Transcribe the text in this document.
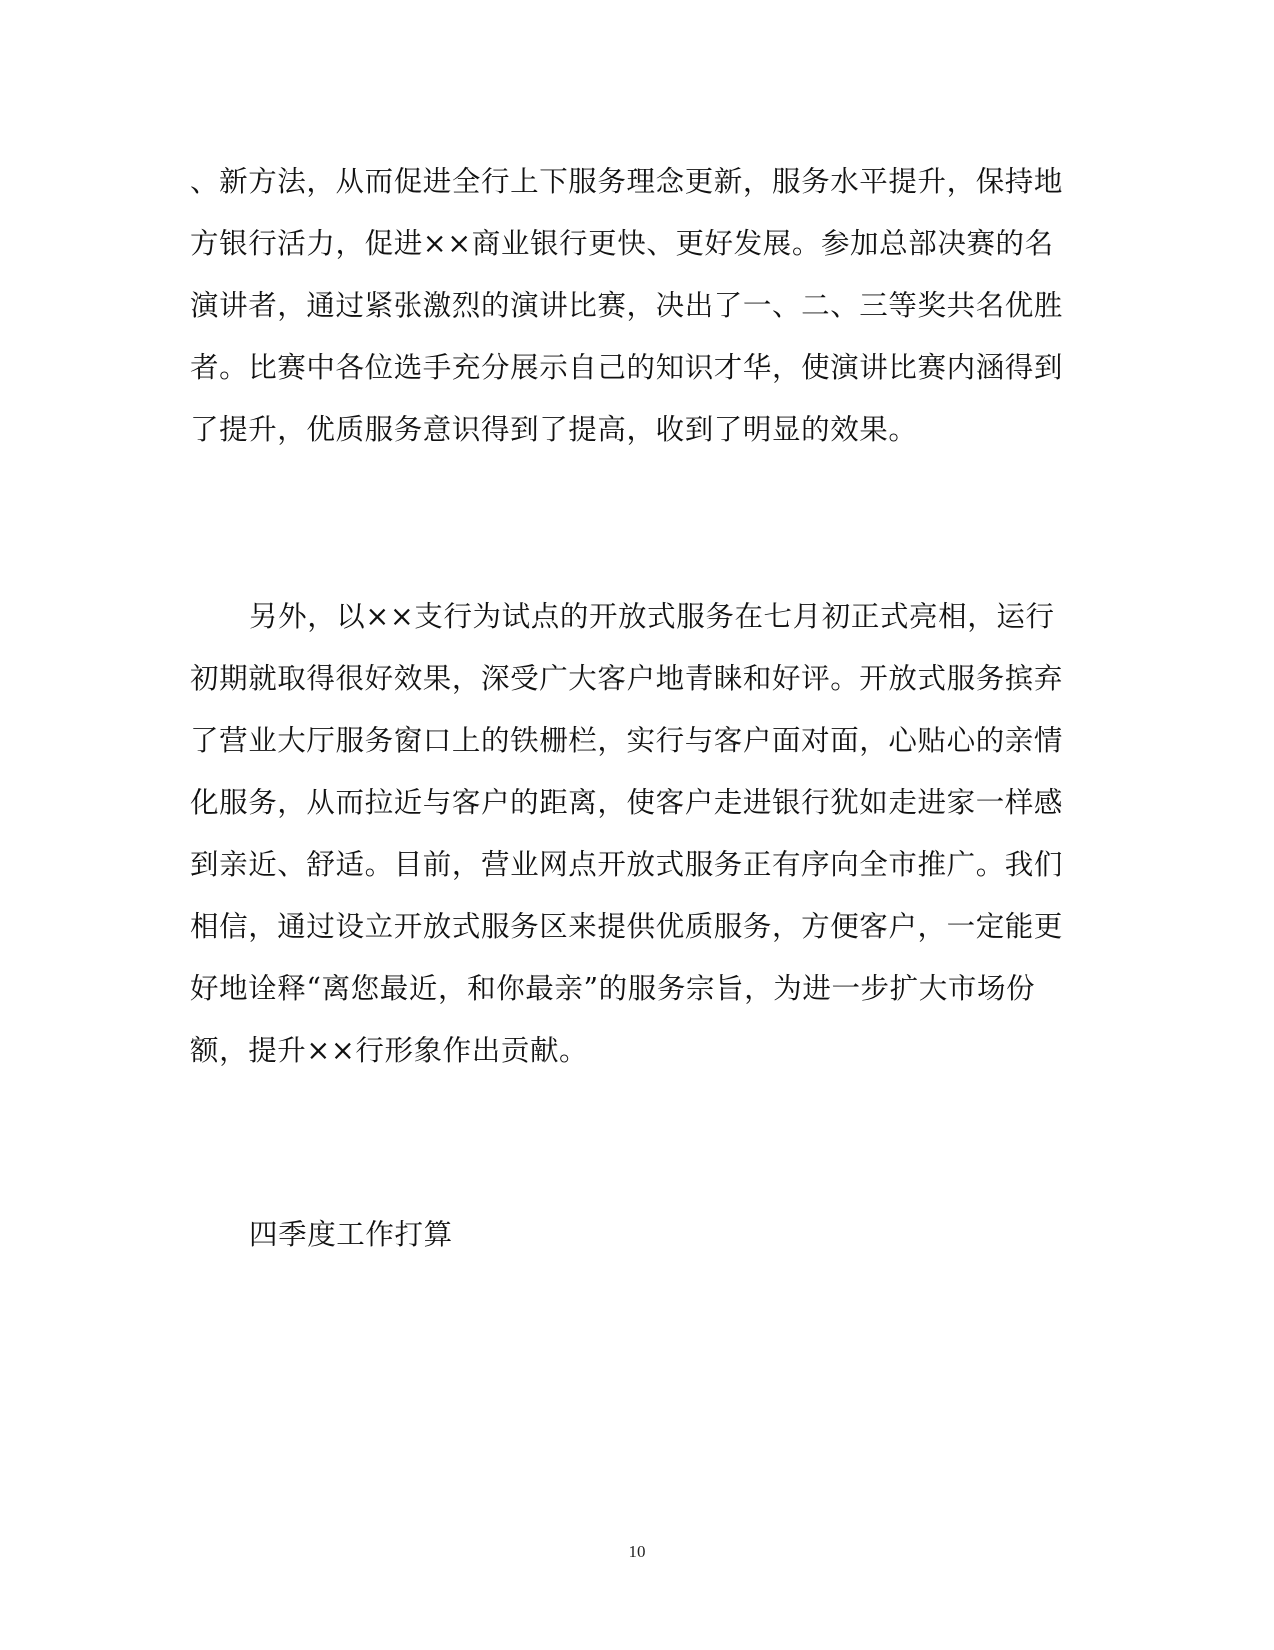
、新方法，从而促进全行上下服务理念更新，服务水平提升，保持地
方银行活力，促进××商业银行更快、更好发展。参加总部决赛的名
演讲者，通过紧张激烈的演讲比赛，决出了一、二、三等奖共名优胜
者。比赛中各位选手充分展示自己的知识才华，使演讲比赛内涵得到
了提升，优质服务意识得到了提高，收到了明显的效果。
另外，以××支行为试点的开放式服务在七月初正式亮相，运行
初期就取得很好效果，深受广大客户地青睐和好评。开放式服务摈弃
了营业大厅服务窗口上的铁栅栏，实行与客户面对面，心贴心的亲情
化服务，从而拉近与客户的距离，使客户走进银行犹如走进家一样感
到亲近、舒适。目前，营业网点开放式服务正有序向全市推广。我们
相信，通过设立开放式服务区来提供优质服务，方便客户，一定能更
好地诠释“离您最近，和你最亲”的服务宗旨，为进一步扩大市场份
额，提升××行形象作出贡献。
四季度工作打算
10
